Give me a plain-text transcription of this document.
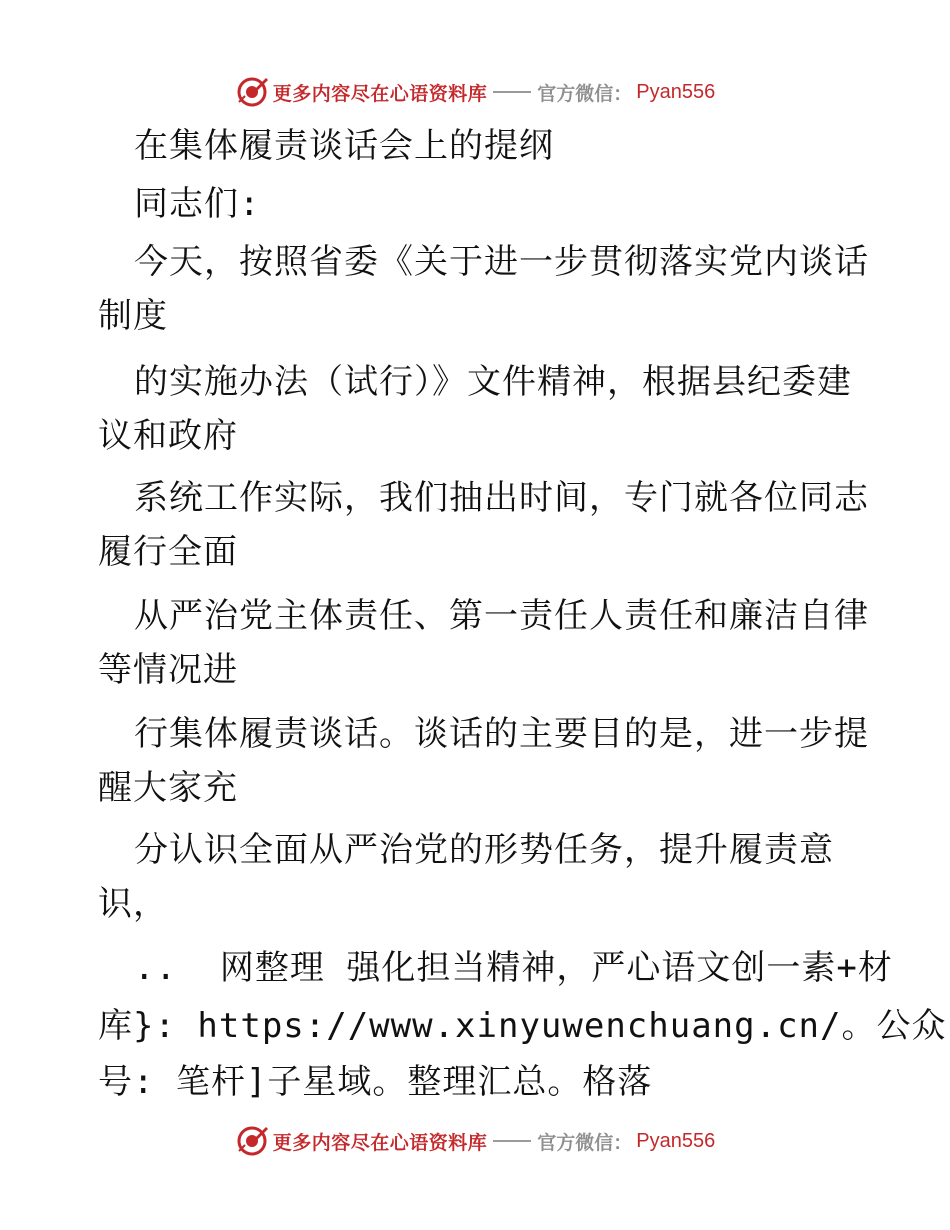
更多内容尽在心语资料库	官方微信： Pyan556
在集体履责谈话会上的提纲
同志们:
今天，按照省委《关于进一步贯彻落实党内谈话
制度
的实施办法（试行）》文件精神，根据县纪委建
议和政府
系统工作实际，我们抽出时间，专门就各位同志
履行全面
从严治党主体责任、第一责任人责任和廉洁自律
等情况进
行集体履责谈话。谈话的主要目的是，进一步提
醒大家充
分认识全面从严治党的形势任务，提升履责意
识，
..  网整理 强化担当精神，严心语文创一素+材
库}: https://www.xinyuwenchuang.cn/。公众
号: 笔杆]子星域。整理汇总。格落
更多内容尽在心语资料库	官方微信： Pyan556
